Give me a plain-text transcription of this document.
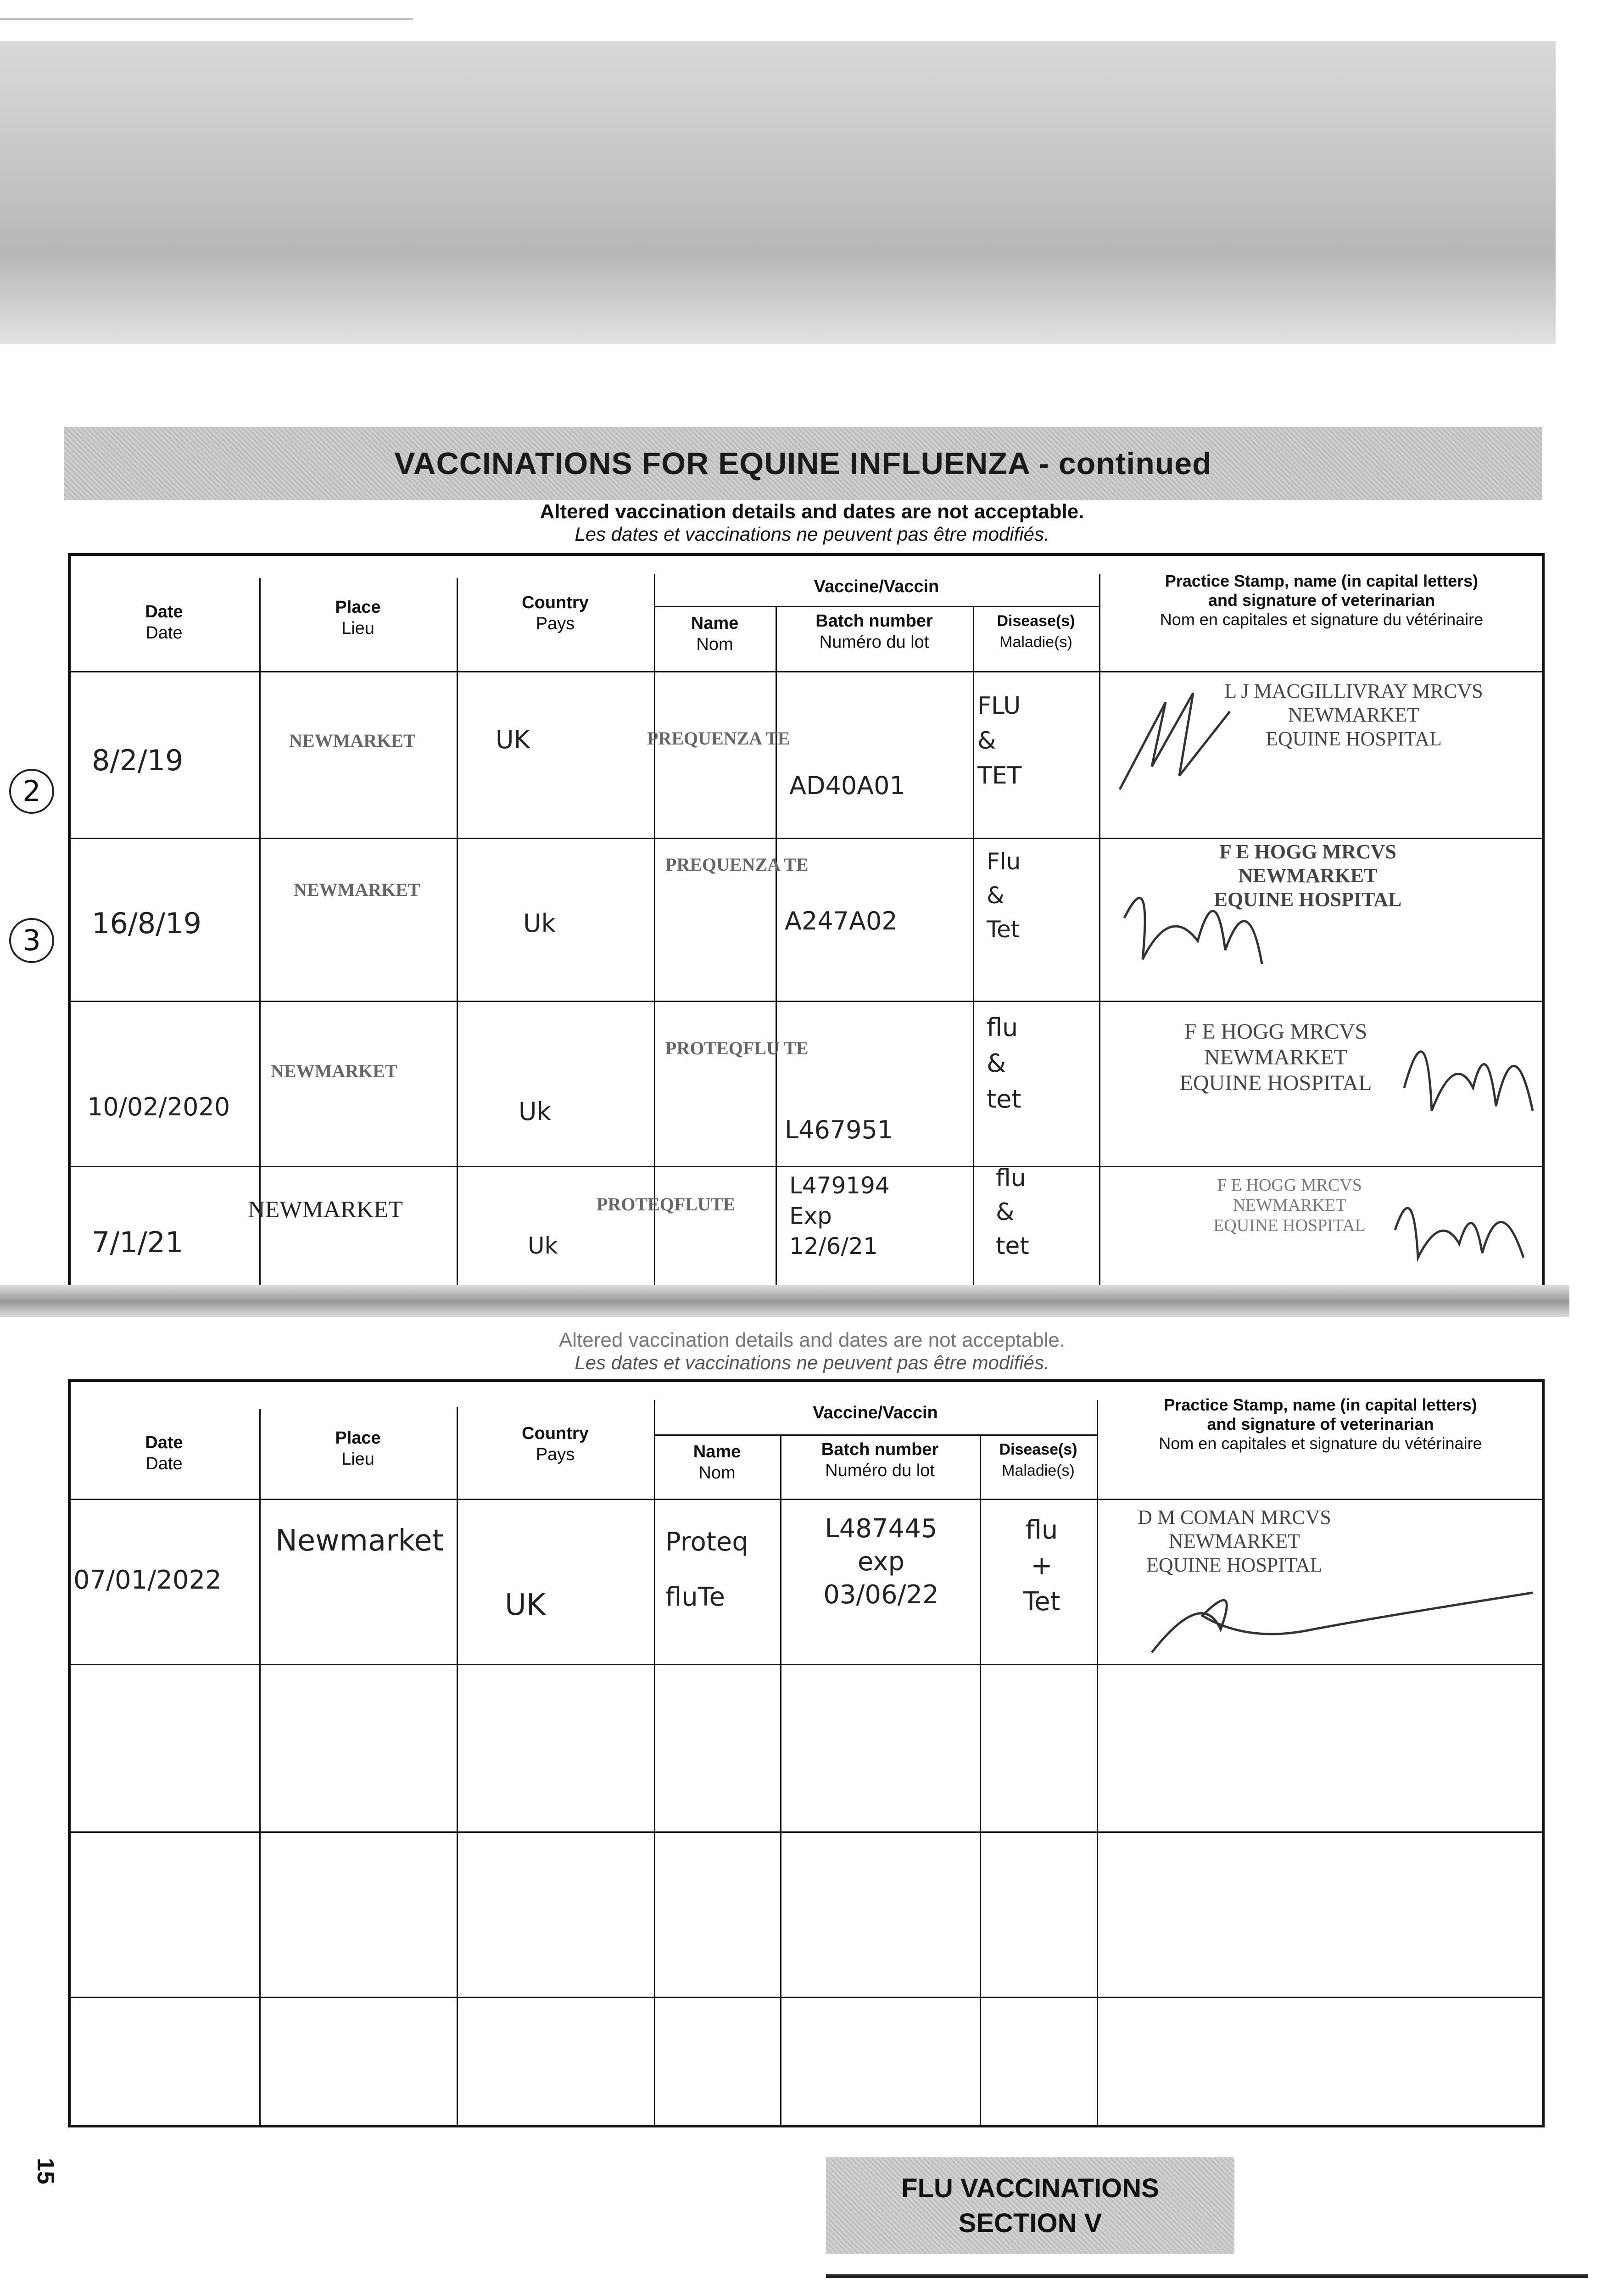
VACCINATIONS FOR EQUINE INFLUENZA - continued
Altered vaccination details and dates are not acceptable.
Les dates et vaccinations ne peuvent pas être modifiés.
Date
Date
Place
Lieu
Country
Pays
Vaccine/Vaccin
Name
Nom
Batch number
Numéro du lot
Disease(s)
Maladie(s)
Practice Stamp, name (in capital letters)
and signature of veterinarian
Nom en capitales et signature du vétérinaire
2
3
8/2/19
NEWMARKET	UK	PREQUENZA TE
AD40A01
FLU
&
TET
L J MACGILLIVRAY MRCVS
NEWMARKET
EQUINE HOSPITAL
16/8/19
NEWMARKET
Uk
PREQUENZA TE
A247A02
Flu
&
Tet
F E HOGG MRCVS
NEWMARKET
EQUINE HOSPITAL
10/02/2020
NEWMARKET
Uk
PROTEQFLU TE
L467951
flu
&
tet
F E HOGG MRCVS
NEWMARKET
EQUINE HOSPITAL
7/1/21
NEWMARKET
Uk
PROTEQFLUTE
L479194
Exp
12/6/21
flu
&
tet
F E HOGG MRCVS
NEWMARKET
EQUINE HOSPITAL
Altered vaccination details and dates are not acceptable.
Les dates et vaccinations ne peuvent pas être modifiés.
Date
Date
Place
Lieu
Country
Pays
Vaccine/Vaccin
Name
Nom
Batch number
Numéro du lot
Disease(s)
Maladie(s)
Practice Stamp, name (in capital letters)
and signature of veterinarian
Nom en capitales et signature du vétérinaire
07/01/2022
Newmarket
UK
Proteq
fluTe
L487445
exp
03/06/22
flu
+
Tet
D M COMAN MRCVS
NEWMARKET
EQUINE HOSPITAL
15
FLU VACCINATIONS
SECTION V
